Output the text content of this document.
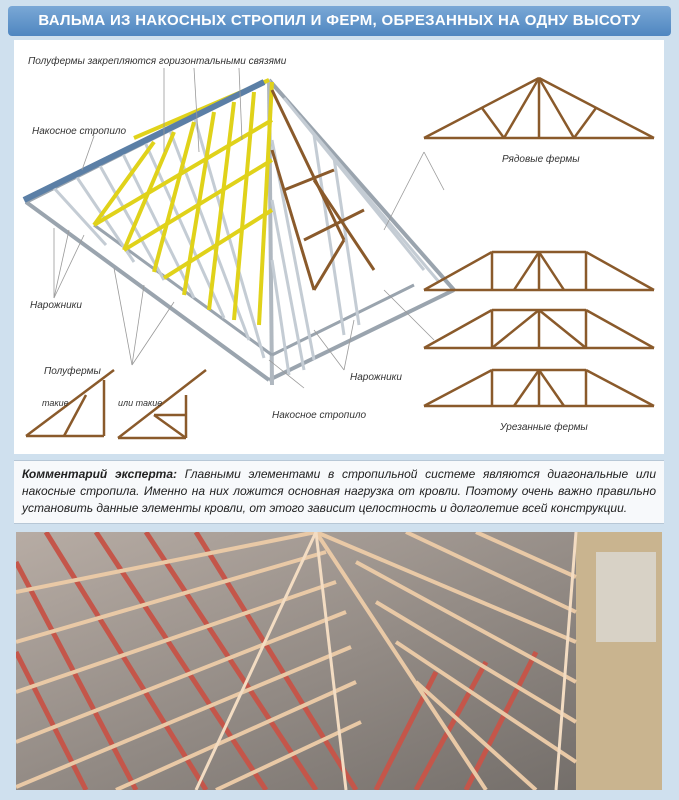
ВАЛЬМА ИЗ НАКОСНЫХ СТРОПИЛ И ФЕРМ, ОБРЕЗАННЫХ НА ОДНУ ВЫСОТУ
Полуфермы закрепляются горизонтальными связями
Накосное стропило
Нарожники
Полуфермы
такие	или такие
Накосное стропило
Нарожники
Рядовые фермы
Урезанные фермы

Комментарий эксперта: Главными элементами в стропильной системе являются диагональные или накосные стропила. Именно на них ложится основная нагрузка от кровли. Поэтому очень важно правильно установить данные элементы кровли, от этого зависит целостность и долголетие всей конструкции.
